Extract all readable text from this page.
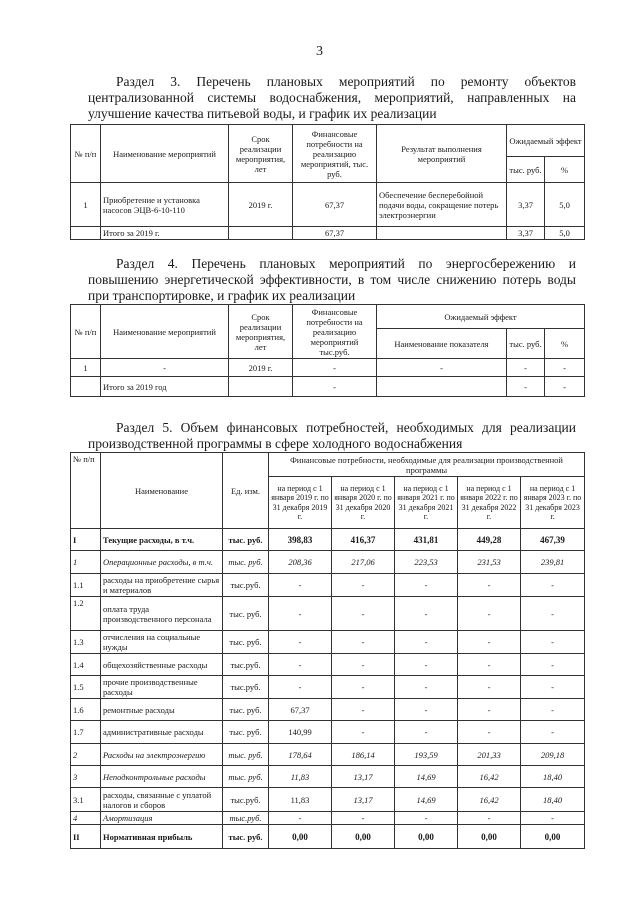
3
Раздел 3. Перечень плановых мероприятий по ремонту объектов централизованной системы водоснабжения, мероприятий, направленных на улучшение качества питьевой воды, и график их реализации
№ п/п	Наименование мероприятий	Срок реализации мероприятия, лет	Финансовые потребности на реализацию мероприятий, тыс. руб.	Результат выполнения мероприятий	Ожидаемый эффект	
					тыс. руб.	%
1	Приобретение и установка насосов ЭЦВ-6-10-110	2019 г.	67,37	Обеспечение бесперебойной подачи воды, сокращение потерь электроэнергии	3,37	5,0
	Итого за 2019 г.		67,37		3,37	5,0
Раздел 4. Перечень плановых мероприятий по энергосбережению и повышению энергетической эффективности, в том числе снижению потерь воды при транспортировке, и график их реализации
№ п/п	Наименование мероприятий	Срок реализации мероприятия, лет	Финансовые потребности на реализацию мероприятий тыс.руб.	Ожидаемый эффект		
				Наименование показателя	тыс. руб.	%
1	-	2019 г.	-	-	-	-
	Итого за 2019 год		-		-	-
Раздел 5. Объем финансовых потребностей, необходимых для реализации производственной программы в сфере холодного водоснабжения
№ п/п	Наименование	Ед. изм.	Финансовые потребности, необходимые для реализации производственной программы				
			на период с 1 января 2019 г. по 31 декабря 2019 г.	на период с 1 января 2020 г. по 31 декабря 2020 г.	на период с 1 января 2021 г. по 31 декабря 2021 г.	на период с 1 января 2022 г. по 31 декабря 2022 г.	на период с 1 января 2023 г. по 31 декабря 2023 г.
I	Текущие расходы, в т.ч.	тыс. руб.	398,83	416,37	431,81	449,28	467,39
1	Операционные расходы, в т.ч.	тыс. руб.	208,36	217,06	223,53	231,53	239,81
1.1	расходы на приобретение сырья и материалов	тыс.руб.	-	-	-	-	-
1.2	оплата труда производственного персонала	тыс. руб.	-	-	-	-	-
1.3	отчисления на социальные нужды	тыс. руб.	-	-	-	-	-
1.4	общехозяйственные расходы	тыс.руб.	-	-	-	-	-
1.5	прочие производственные расходы	тыс.руб.	-	-	-	-	-
1.6	ремонтные расходы	тыс. руб.	67,37	-	-	-	-
1.7	административные расходы	тыс. руб.	140,99	-	-	-	-
2	Расходы на электроэнергию	тыс. руб.	178,64	186,14	193,59	201,33	209,18
3	Неподконтрольные расходы	тыс. руб.	11,83	13,17	14,69	16,42	18,40
3.1	расходы, связанные с уплатой налогов и сборов	тыс.руб.	11,83	13,17	14,69	16,42	18,40
4	Амортизация	тыс.руб.	-	-	-	-	-
II	Нормативная прибыль	тыс. руб.	0,00	0,00	0,00	0,00	0,00
